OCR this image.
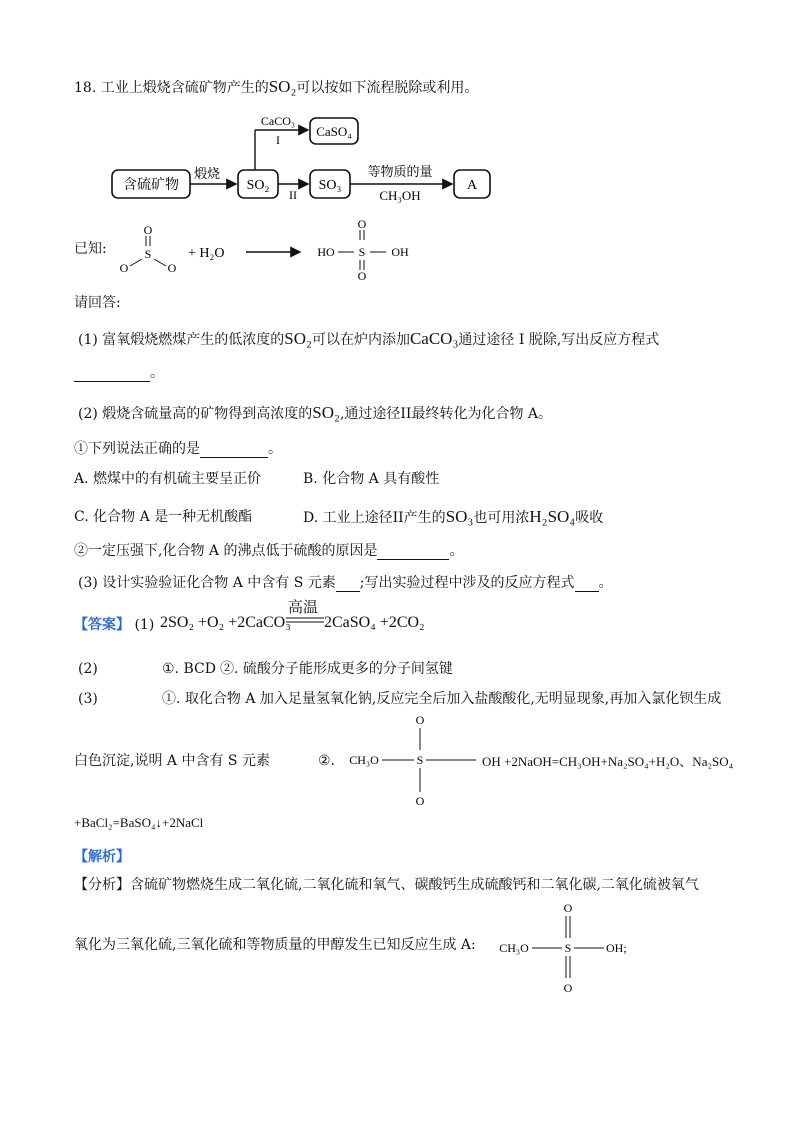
18. 工业上煅烧含硫矿物产生的SO₂可以按如下流程脱除或利用。
含硫矿物
煅烧
SO₂
CaCO₃
I
CaSO₄
II
SO₃
等物质的量
CH₃OH
A
已知:
O
S
O	O
+ H₂O
O
HO S OH
O
请回答:
(1) 富氧煅烧燃煤产生的低浓度的SO₂可以在炉内添加CaCO₃通过途径 I 脱除,写出反应方程式
。
(2) 煅烧含硫量高的矿物得到高浓度的SO₂,通过途径II最终转化为化合物 A。
①下列说法正确的是	。
A. 燃煤中的有机硫主要呈正价	B. 化合物 A 具有酸性
C. 化合物 A 是一种无机酸酯	D. 工业上途径II产生的SO₃也可用浓H₂SO₄吸收
②一定压强下,化合物 A 的沸点低于硫酸的原因是	。
(3) 设计实验验证化合物 A 中含有 S 元素 ;写出实验过程中涉及的反应方程式 。
【答案】 (1) 2SO₂ +O₂ +2CaCO₃
高温
2CaSO₄ +2CO₂
(2)	①. BCD ②. 硫酸分子能形成更多的分子间氢键
(3)	①. 取化合物 A 加入足量氢氧化钠,反应完全后加入盐酸酸化,无明显现象,再加入氯化钡生成
白色沉淀,说明 A 中含有 S 元素	②.
O
CH₃O	S
O
OH +2NaOH=CH₃OH+Na₂SO₄+H₂O、Na₂SO₄
+BaCl₂=BaSO₄↓+2NaCl
【解析】
【分析】含硫矿物燃烧生成二氧化硫,二氧化硫和氧气、碳酸钙生成硫酸钙和二氧化碳,二氧化硫被氧气
氧化为三氧化硫,三氧化硫和等物质量的甲醇发生已知反应生成 A:
O
CH₃O	S	OH;
O
